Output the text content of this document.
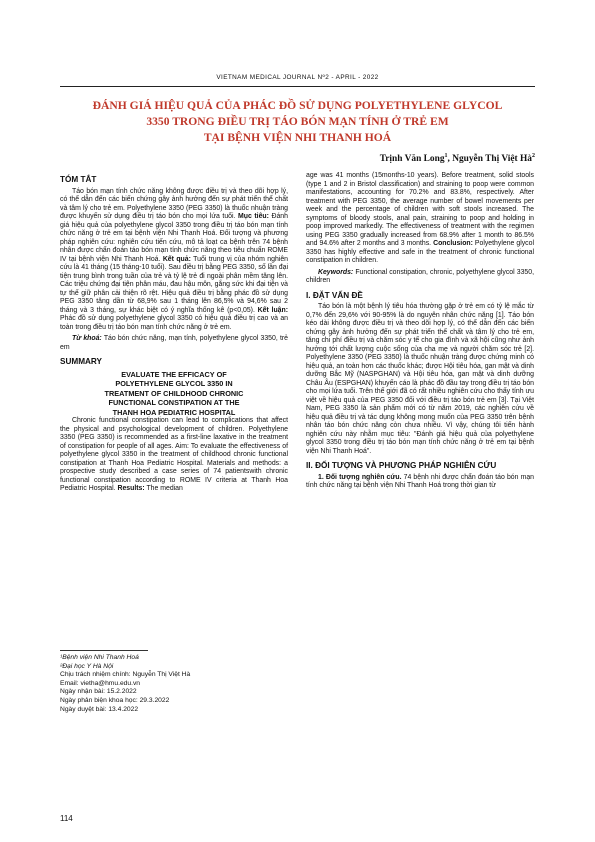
VIETNAM MEDICAL JOURNAL Nº2 - APRIL - 2022
ĐÁNH GIÁ HIỆU QUẢ CỦA PHÁC ĐỒ SỬ DỤNG POLYETHYLENE GLYCOL
3350 TRONG ĐIỀU TRỊ TÁO BÓN MẠN TÍNH Ở TRẺ EM
TẠI BỆNH VIỆN NHI THANH HOÁ
Trịnh Văn Long$^1$, Nguyễn Thị Việt $Hà^2$
TÓM TẮT

Táo bón mạn tính chức năng không được điều trị và theo dõi hợp lý, có thể dẫn đến các biến chứng gây ảnh hưởng đến sự phát triển thể chất và tâm lý cho trẻ em. Polyethylene 3350 (PEG 3350) là thuốc nhuận tràng được khuyến sử dụng điều trị táo bón cho mọi lứa tuổi. Mục tiêu: Đánh giá hiệu quả của polyethylene glycol 3350 trong điều trị táo bón mạn tính chức năng ở trẻ em tại bệnh viện Nhi Thanh Hoá. Đối tượng và phương pháp nghiên cứu: nghiên cứu tiến cứu, mô tả loạt ca bệnh trên 74 bệnh nhân được chẩn đoán táo bón mạn tính chức năng theo tiêu chuẩn ROME IV tại bệnh viện Nhi Thanh Hoá. Kết quả: Tuổi trung vị của nhóm nghiên cứu là 41 tháng (15 tháng-10 tuổi). Sau điều trị bằng PEG 3350, số lần đại tiện trung bình trong tuần của trẻ và tỷ lệ trẻ đi ngoài phân mềm tăng lên. Các triệu chứng đại tiện phân máu, đau hậu môn, gắng sức khi đại tiện và tự thế giữ phân cải thiện rõ rệt. Hiệu quả điều trị bằng phác đồ sử dụng PEG 3350 tăng dần từ 68,9% sau 1 tháng lên 86,5% và 94,6% sau 2 tháng và 3 tháng, sự khác biệt có ý nghĩa thống kê (p<0,05). Kết luận: Phác đồ sử dụng polyethylene glycol 3350 có hiệu quả điều trị cao và an toàn trong điều trị táo bón mạn tính chức năng ở trẻ em.

Từ khoá: Táo bón chức năng, mạn tính, polyethylene glycol 3350, trẻ em

SUMMARY

EVALUATE THE EFFICACY OF
POLYETHYLENE GLYCOL 3350 IN
TREATMENT OF CHILDHOOD CHRONIC
FUNCTIONAL CONSTIPATION AT THE
THANH HOA PEDIATRIC HOSPITAL

Chronic functional constipation can lead to complications that affect the physical and psychological development of children. Polyethylene 3350 (PEG 3350) is recommended as a first-line laxative in the treatment of constipation for people of all ages. Aim: To evaluate the effectiveness of polyethylene glycol 3350 in the treatment of childhood chronic functional constipation at Thanh Hoa Pediatric Hospital. Materials and methods: a prospective study described a case series of 74 patientswith chronic functional constipation according to ROME IV criteria at Thanh Hoa Pediatric Hospital. Results: The median

¹Bệnh viện Nhi Thanh Hoá
²Đại học Y Hà Nội
Chịu trách nhiệm chính: Nguyễn Thị Việt Hà
Email: vietha@hmu.edu.vn
Ngày nhận bài: 15.2.2022
Ngày phản biện khoa học: 29.3.2022
Ngày duyệt bài: 13.4.2022

age was 41 months (15months-10 years). Before treatment, solid stools (type 1 and 2 in Bristol classification) and straining to poop were common manifestations, accounting for 70.2% and 83.8%, respectively. After treatment with PEG 3350, the average number of bowel movements per week and the percentage of children with soft stools increased. The symptoms of bloody stools, anal pain, straining to poop and holding in poop improved markedly. The effectiveness of treatment with the regimen using PEG 3350 gradually increased from 68.9% after 1 month to 86.5% and 94.6% after 2 months and 3 months. Conclusion: Polyethylene glycol 3350 has highly effective and safe in the treatment of chronic functional constipation in children.

Keywords: Functional constipation, chronic, polyethylene glycol 3350, children

I. ĐẶT VẤN ĐỀ

Táo bón là một bệnh lý tiêu hóa thường gặp ở trẻ em có tỷ lệ mắc từ 0,7% đến 29,6% với 90-95% là do nguyên nhân chức năng [1]. Táo bón kéo dài không được điều trị và theo dõi hợp lý, có thể dẫn đến các biến chứng gây ảnh hưởng đến sự phát triển thể chất và tâm lý cho trẻ em, tăng chi phí điều trị và chăm sóc y tế cho gia đình và xã hội cũng như ảnh hưởng tới chất lượng cuộc sống của cha mẹ và người chăm sóc trẻ [2]. Polyethylene 3350 (PEG 3350) là thuốc nhuận tràng được chứng minh có hiệu quả, an toàn hơn các thuốc khác; được Hội tiêu hóa, gan mật và dinh dưỡng Bắc Mỹ (NASPGHAN) và Hội tiêu hóa, gan mật và dinh dưỡng Châu Âu (ESPGHAN) khuyến cáo là phác đồ đầu tay trong điều trị táo bón cho mọi lứa tuổi. Trên thế giới đã có rất nhiều nghiên cứu cho thấy tính ưu việt về hiệu quả của PEG 3350 đối với điều trị táo bón trẻ em [3]. Tại Việt Nam, PEG 3350 là sản phẩm mới có từ năm 2019, các nghiên cứu về hiệu quả điều trị và tác dụng không mong muốn của PEG 3350 trên bệnh nhân táo bón chức năng còn chưa nhiều. Vì vậy, chúng tôi tiến hành nghiên cứu này nhằm mục tiêu: "Đánh giá hiệu quả của polyethylene glycol 3350 trong điều trị táo bón mạn tính chức năng ở trẻ em tại bệnh viện Nhi Thanh Hoá".

II. ĐỐI TƯỢNG VÀ PHƯƠNG PHÁP NGHIÊN CỨU

1. Đối tượng nghiên cứu. 74 bệnh nhi được chẩn đoán táo bón mạn tính chức năng tại bệnh viện Nhi Thanh Hoá trong thời gian từ

114
